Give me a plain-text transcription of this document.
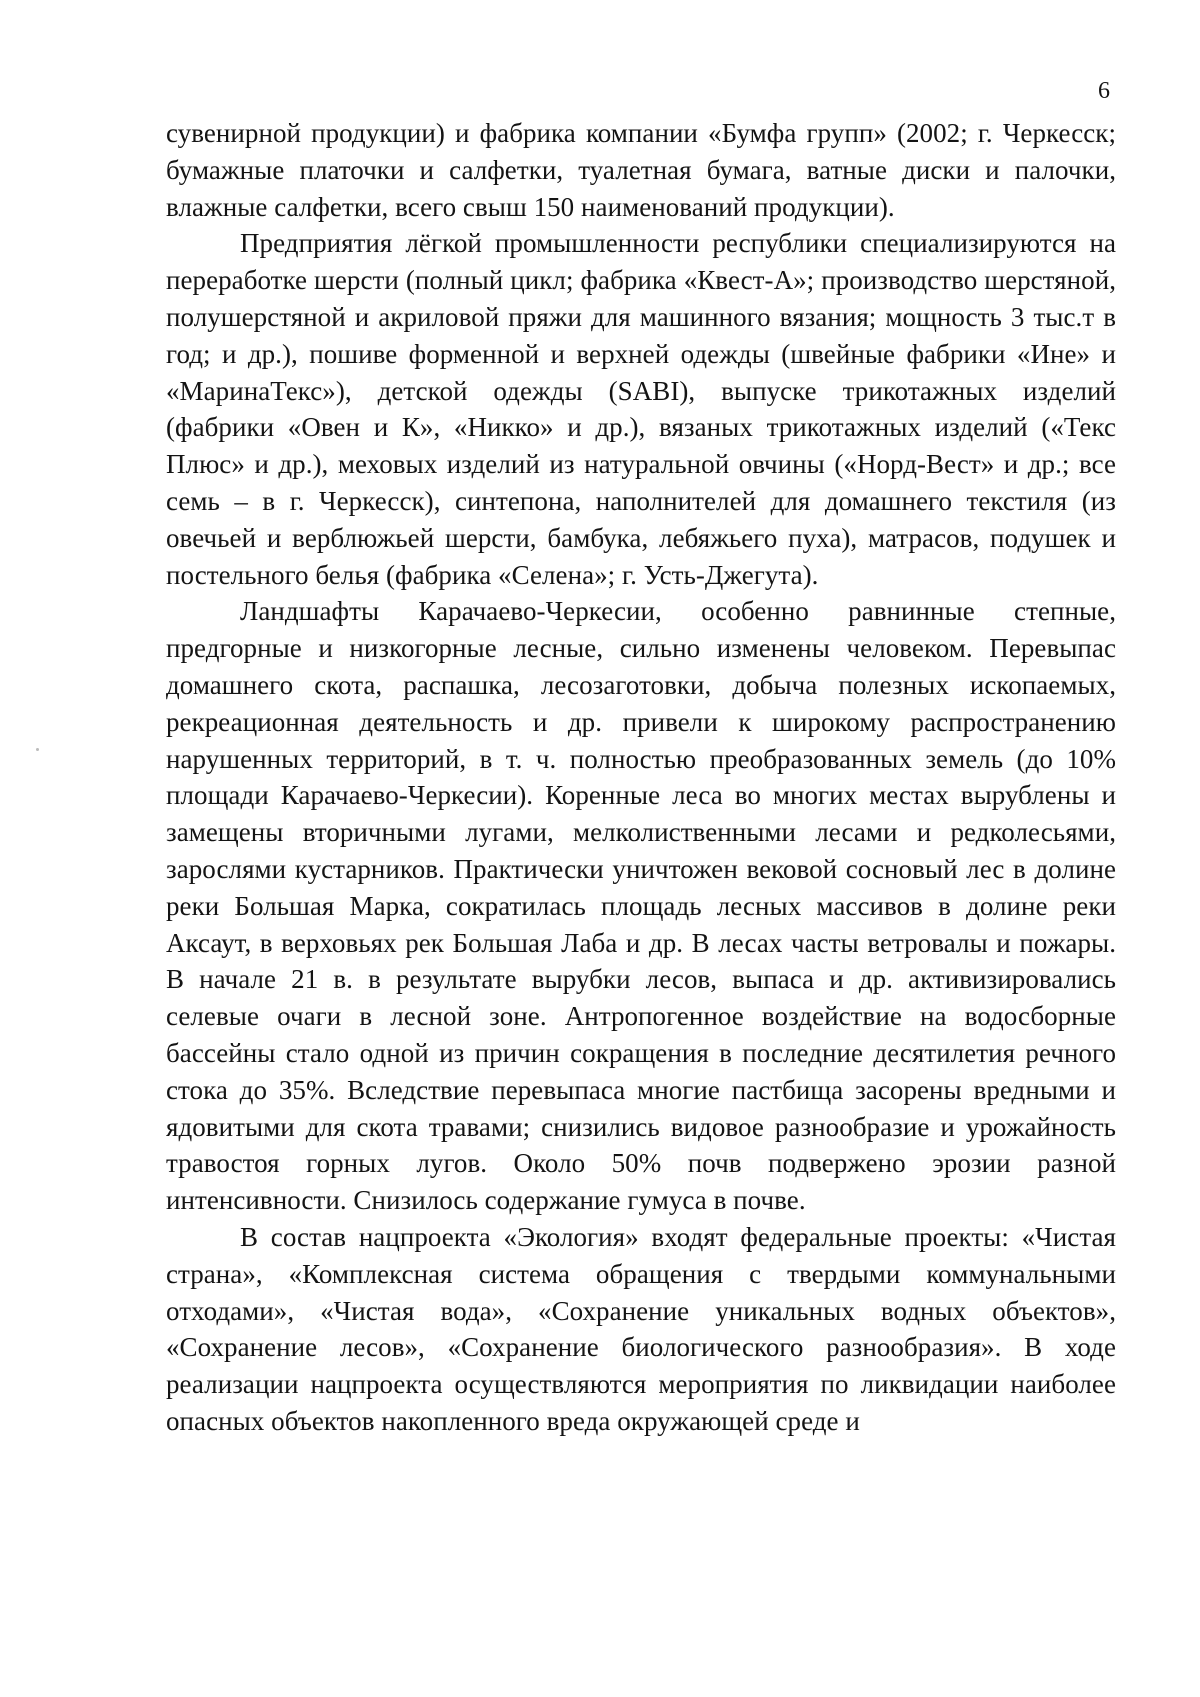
6

сувенирной продукции) и фабрика компании «Бумфа групп» (2002; г. Черкесск; бумажные платочки и салфетки, туалетная бумага, ватные диски и палочки, влажные салфетки, всего свыш 150 наименований продукции).

Предприятия лёгкой промышленности республики специализируются на переработке шерсти (полный цикл; фабрика «Квест-А»; производство шерстяной, полушерстяной и акриловой пряжи для машинного вязания; мощность 3 тыс.т в год; и др.), пошиве форменной и верхней одежды (швейные фабрики «Ине» и «МаринаТекс»), детской одежды (SABI), выпуске трикотажных изделий (фабрики «Овен и К», «Никко» и др.), вязаных трикотажных изделий («Текс Плюс» и др.), меховых изделий из натуральной овчины («Норд-Вест» и др.; все семь – в г. Черкесск), синтепона, наполнителей для домашнего текстиля (из овечьей и верблюжьей шерсти, бамбука, лебяжьего пуха), матрасов, подушек и постельного белья (фабрика «Селена»; г. Усть-Джегута).

Ландшафты Карачаево-Черкесии, особенно равнинные степные, предгорные и низкогорные лесные, сильно изменены человеком. Перевыпас домашнего скота, распашка, лесозаготовки, добыча полезных ископаемых, рекреационная деятельность и др. привели к широкому распространению нарушенных территорий, в т. ч. полностью преобразованных земель (до 10% площади Карачаево-Черкесии). Коренные леса во многих местах вырублены и замещены вторичными лугами, мелколиственными лесами и редколесьями, зарослями кустарников. Практически уничтожен вековой сосновый лес в долине реки Большая Марка, сократилась площадь лесных массивов в долине реки Аксаут, в верховьях рек Большая Лаба и др. В лесах часты ветровалы и пожары. В начале 21 в. в результате вырубки лесов, выпаса и др. активизировались селевые очаги в лесной зоне. Антропогенное воздействие на водосборные бассейны стало одной из причин сокращения в последние десятилетия речного стока до 35%. Вследствие перевыпаса многие пастбища засорены вредными и ядовитыми для скота травами; снизились видовое разнообразие и урожайность травостоя горных лугов. Около 50% почв подвержено эрозии разной интенсивности. Снизилось содержание гумуса в почве.

В состав нацпроекта «Экология» входят федеральные проекты: «Чистая страна», «Комплексная система обращения с твердыми коммунальными отходами», «Чистая вода», «Сохранение уникальных водных объектов», «Сохранение лесов», «Сохранение биологического разнообразия». В ходе реализации нацпроекта осуществляются мероприятия по ликвидации наиболее опасных объектов накопленного вреда окружающей среде и
